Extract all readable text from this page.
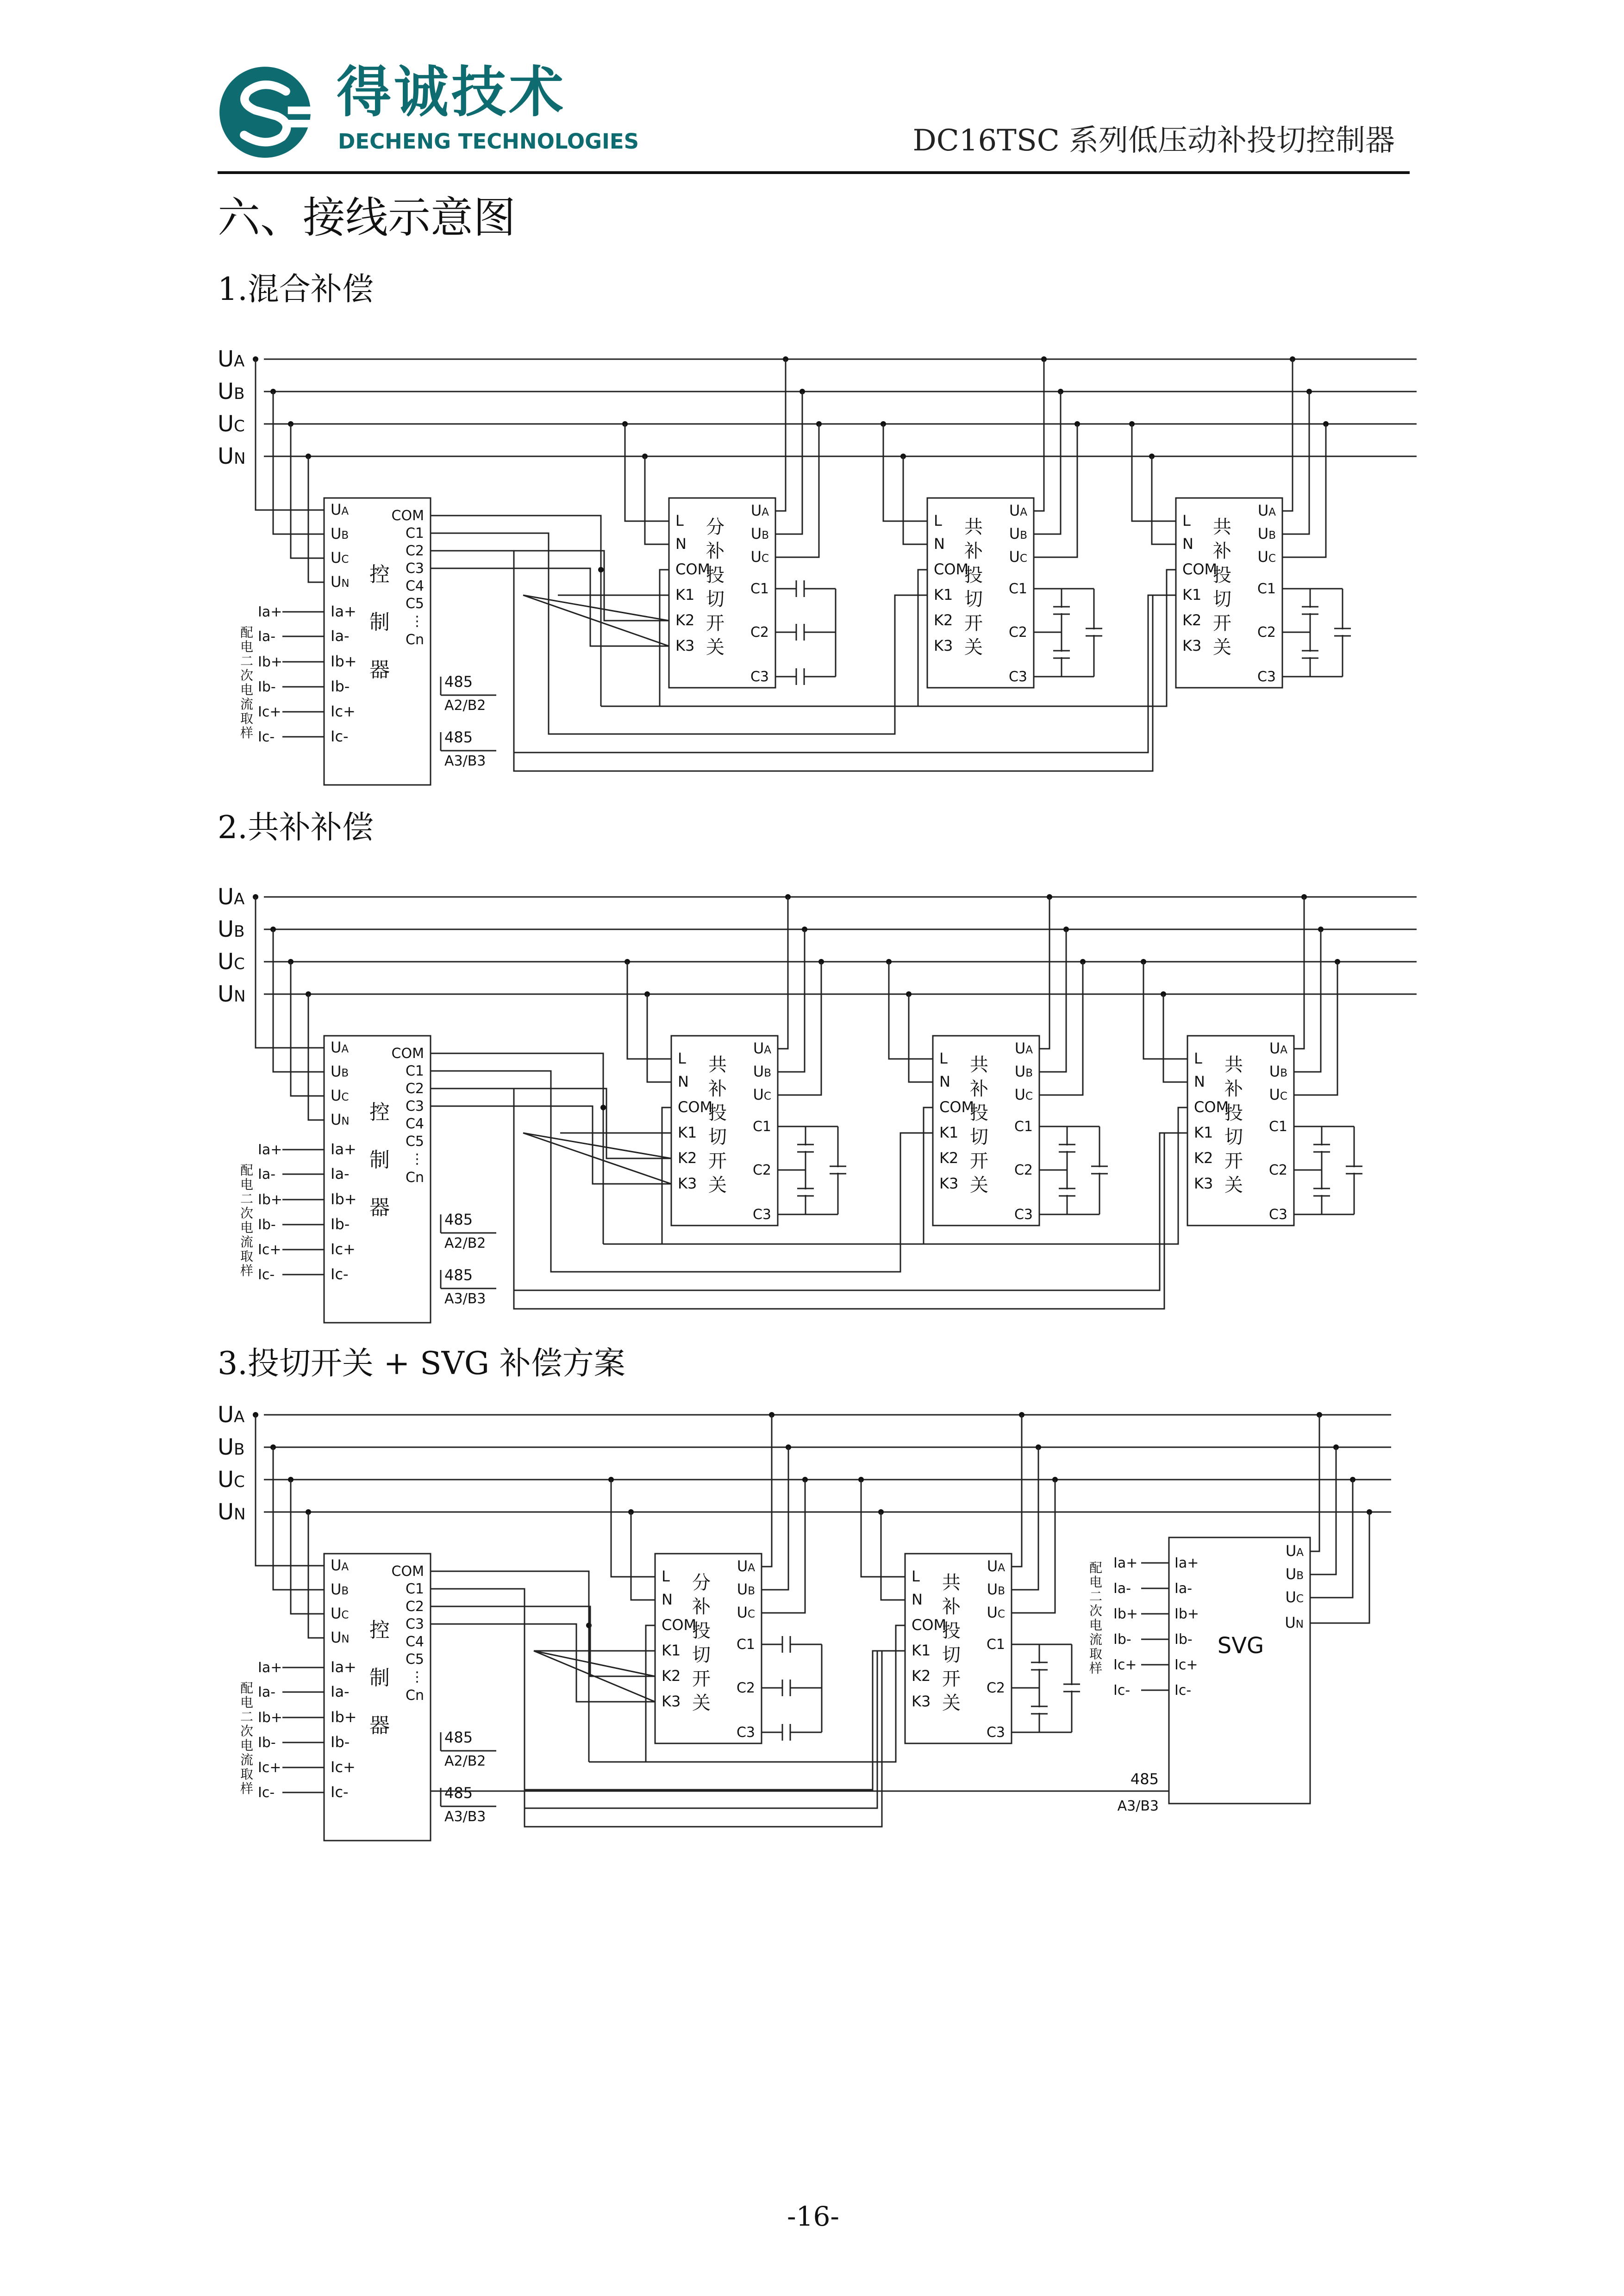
得诚技术
DECHENG TECHNOLOGIES	DC16TSC 系列低压动补投切控制器
六、接线示意图
1.混合补偿
2.共补补偿
3.投切开关 + SVG 补偿方案
UA
UB
UC
UN
UA
UB
UC
UN
Ia+
Ia-
Ib+
Ib-
Ic+
Ic-
COM
C1
C2
C3
C4
C5
⋮
Cn
控
制
器
Ia+
Ia-
Ib+
Ib-
Ic+
Ic-
配
电
二
次
电
流
取
样
485
A2/B2
485
A3/B3
L
N
COM
K1
K2
K3
UA
UB
UC
C1
C2
C3
分
补
投
切
开
关
L
N
COM
K1
K2
K3
UA
UB
UC
C1
C2
C3
共
补
投
切
开
关
L
N
COM
K1
K2
K3
UA
UB
UC
C1
C2
C3
共
补
投
切
开
关
UA
UB
UC
UN
UA
UB
UC
UN
Ia+
Ia-
Ib+
Ib-
Ic+
Ic-
COM
C1
C2
C3
C4
C5
⋮
Cn
控
制
器
Ia+
Ia-
Ib+
Ib-
Ic+
Ic-
配
电
二
次
电
流
取
样
485
A2/B2
485
A3/B3
L
N
COM
K1
K2
K3
UA
UB
UC
C1
C2
C3
共
补
投
切
开
关
L
N
COM
K1
K2
K3
UA
UB
UC
C1
C2
C3
共
补
投
切
开
关
L
N
COM
K1
K2
K3
UA
UB
UC
C1
C2
C3
共
补
投
切
开
关
UA
UB
UC
UN
UA
UB
UC
UN
Ia+
Ia-
Ib+
Ib-
Ic+
Ic-
COM
C1
C2
C3
C4
C5
⋮
Cn
控
制
器
Ia+
Ia-
Ib+
Ib-
Ic+
Ic-
配
电
二
次
电
流
取
样
485
A2/B2
485
A3/B3
L
N
COM
K1
K2
K3
UA
UB
UC
C1
C2
C3
分
补
投
切
开
关
L
N
COM
K1
K2
K3
UA
UB
UC
C1
C2
C3
共
补
投
切
开
关
SVG
Ia+
Ia+
Ia-
Ia-
Ib+
Ib+
Ib-
Ib-
Ic+
Ic+
Ic-
Ic-
配
电
二
次
电
流
取
样
UA
UB
UC
UN
485
A3/B3
-16-
